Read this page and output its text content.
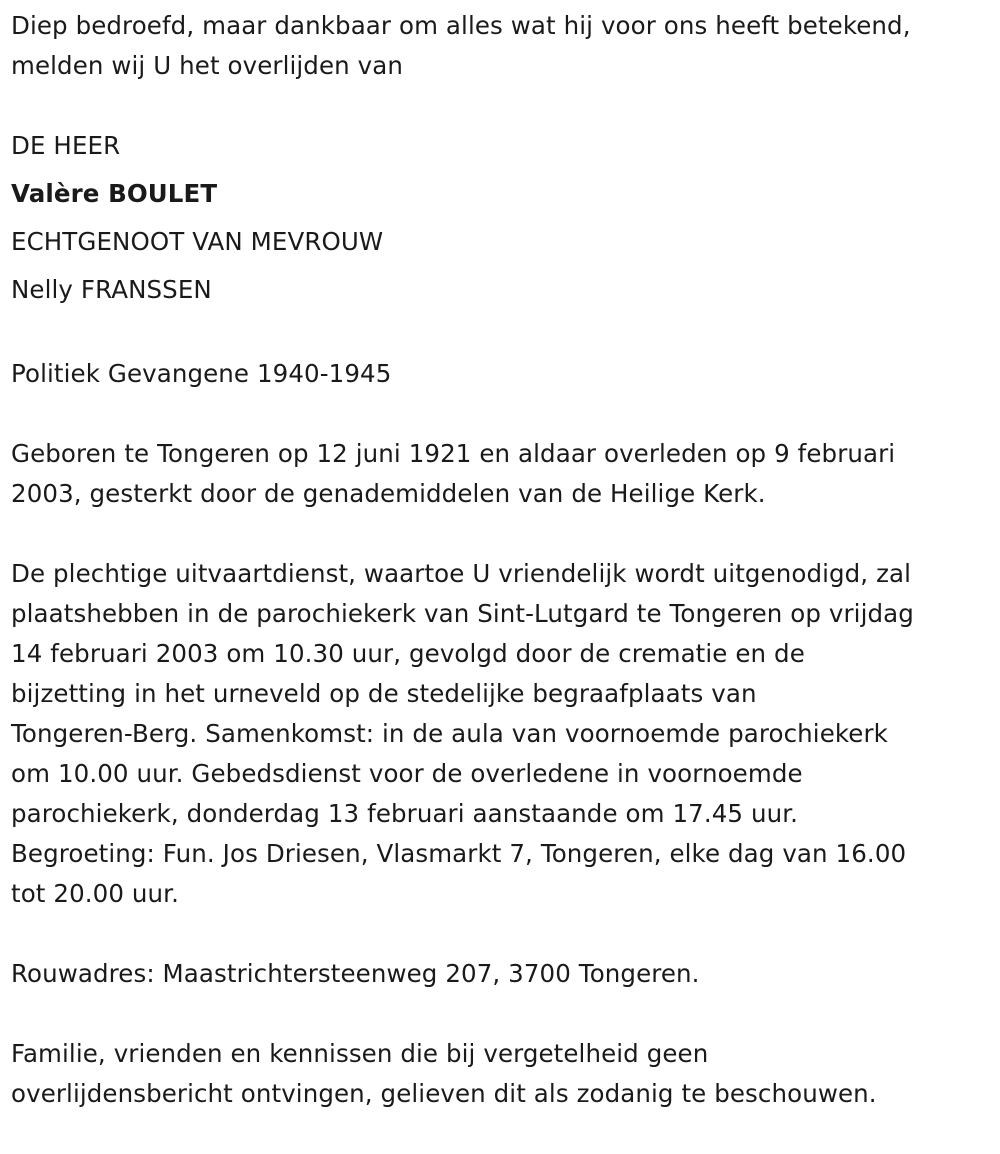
Diep bedroefd, maar dankbaar om alles wat hij voor ons heeft betekend,
melden wij U het overlijden van
DE HEER
Valère BOULET
ECHTGENOOT VAN MEVROUW
Nelly FRANSSEN
Politiek Gevangene 1940-1945
Geboren te Tongeren op 12 juni 1921 en aldaar overleden op 9 februari
2003, gesterkt door de genademiddelen van de Heilige Kerk.
De plechtige uitvaartdienst, waartoe U vriendelijk wordt uitgenodigd, zal
plaatshebben in de parochiekerk van Sint-Lutgard te Tongeren op vrijdag
14 februari 2003 om 10.30 uur, gevolgd door de crematie en de
bijzetting in het urneveld op de stedelijke begraafplaats van
Tongeren-Berg. Samenkomst: in de aula van voornoemde parochiekerk
om 10.00 uur. Gebedsdienst voor de overledene in voornoemde
parochiekerk, donderdag 13 februari aanstaande om 17.45 uur.
Begroeting: Fun. Jos Driesen, Vlasmarkt 7, Tongeren, elke dag van 16.00
tot 20.00 uur.
Rouwadres: Maastrichtersteenweg 207, 3700 Tongeren.
Familie, vrienden en kennissen die bij vergetelheid geen
overlijdensbericht ontvingen, gelieven dit als zodanig te beschouwen.
